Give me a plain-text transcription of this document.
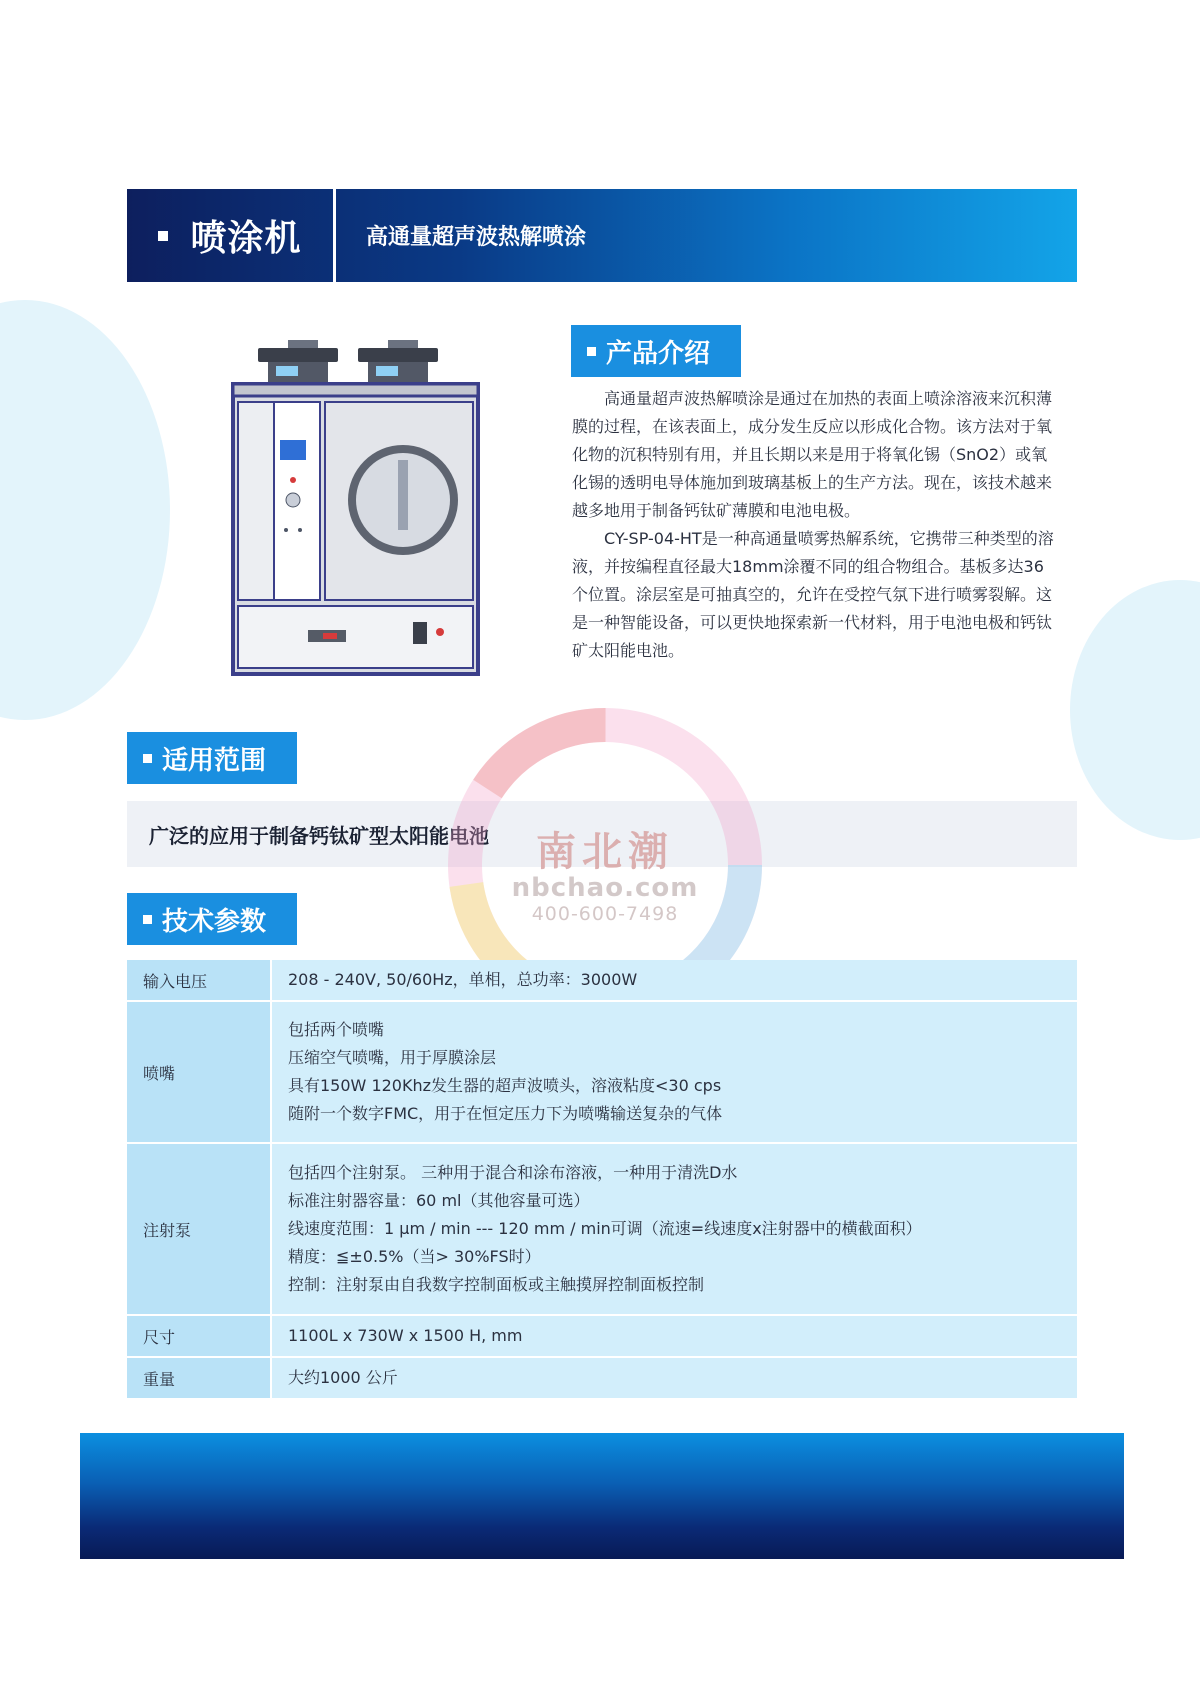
喷涂机	高通量超声波热解喷涂
产品介绍

高通量超声波热解喷涂是通过在加热的表面上喷涂溶液来沉积薄膜的过程，在该表面上，成分发生反应以形成化合物。该方法对于氧化物的沉积特别有用，并且长期以来是用于将氧化锡（SnO2）或氧化锡的透明电导体施加到玻璃基板上的生产方法。现在，该技术越来越多地用于制备钙钛矿薄膜和电池电极。

CY-SP-04-HT是一种高通量喷雾热解系统，它携带三种类型的溶液，并按编程直径最大18mm涂覆不同的组合物组合。基板多达36个位置。涂层室是可抽真空的，允许在受控气氛下进行喷雾裂解。这是一种智能设备，可以更快地探索新一代材料，用于电池电极和钙钛矿太阳能电池。

适用范围
广泛的应用于制备钙钛矿型太阳能电池	南北潮
nbchao.com
400-600-7498
技术参数
输入电压	208 - 240V, 50/60Hz，单相，总功率：3000W

喷嘴	包括两个喷嘴
压缩空气喷嘴，用于厚膜涂层
具有150W 120Khz发生器的超声波喷头，溶液粘度<30 cps
随附一个数字FMC，用于在恒定压力下为喷嘴输送复杂的气体

注射泵	包括四个注射泵。 三种用于混合和涂布溶液，一种用于清洗D水
标准注射器容量：60 ml（其他容量可选）
线速度范围：1 µm / min --- 120 mm / min可调（流速=线速度x注射器中的横截面积）
精度：≦±0.5%（当> 30%FS时）
控制：注射泵由自我数字控制面板或主触摸屏控制面板控制

尺寸	1100L x 730W x 1500 H, mm

重量	大约1000 公斤
